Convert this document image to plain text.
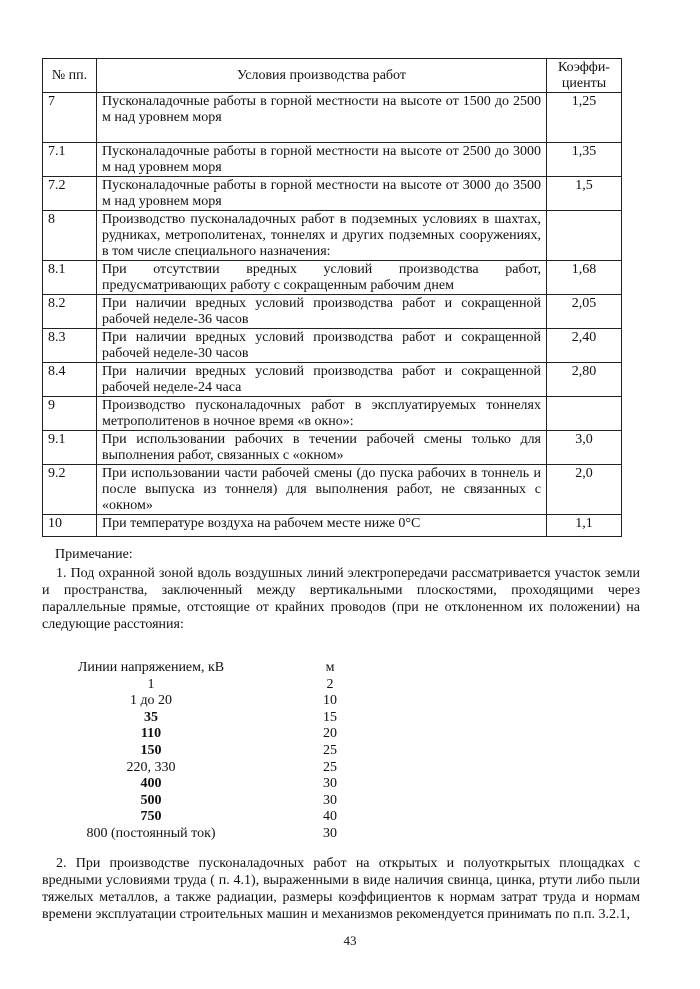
№ пп.	Условия производства работ	Коэффи-
циенты

7	Пусконаладочные работы в горной местности на высоте от 1500 до 2500 м над уровнем моря	1,25
7.1	Пусконаладочные работы в горной местности на высоте от 2500 до 3000 м над уровнем моря	1,35
7.2	Пусконаладочные работы в горной местности на высоте от 3000 до 3500 м над уровнем моря	1,5
8	Производство пусконаладочных работ в подземных условиях в шахтах, рудниках, метрополитенах, тоннелях и других подземных сооружениях, в том числе специального назначения:	
8.1	При отсутствии вредных условий производства работ, предусматривающих работу с сокращенным рабочим днем	1,68
8.2	При наличии вредных условий производства работ и сокращенной рабочей неделе-36 часов	2,05
8.3	При наличии вредных условий производства работ и сокращенной рабочей неделе-30 часов	2,40
8.4	При наличии вредных условий производства работ и сокращенной рабочей неделе-24 часа	2,80
9	Производство пусконаладочных работ в эксплуатируемых тоннелях метрополитенов в ночное время «в окно»:	
9.1	При использовании рабочих в течении рабочей смены только для выполнения работ, связанных с «окном»	3,0
9.2	При использовании части рабочей смены (до пуска рабочих в тоннель и после выпуска из тоннеля) для выполнения работ, не связанных с «окном»	2,0
10	При температуре воздуха на рабочем месте ниже 0°С	1,1
Примечание:
1. Под охранной зоной вдоль воздушных линий электропередачи рассматривается участок земли и пространства, заключенный между вертикальными плоскостями, проходящими через параллельные прямые, отстоящие от крайних проводов (при не отклоненном их положении) на следующие расстояния:
Линии напряжением, кВ	м
1	2
1 до 20	10
35	15
110	20
150	25
220, 330	25
400	30
500	30
750	40
800 (постоянный ток)	30
2. При производстве пусконаладочных работ на открытых и полуоткрытых площадках с вредными условиями труда ( п. 4.1), выраженными в виде наличия свинца, цинка, ртути либо пыли тяжелых металлов, а также радиации, размеры коэффициентов к нормам затрат труда и нормам времени эксплуатации строительных машин и механизмов рекомендуется принимать по п.п. 3.2.1,
43
